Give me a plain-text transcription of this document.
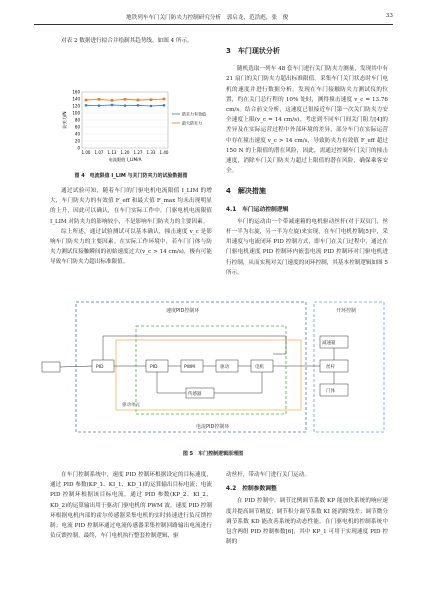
地铁列车车门关门防夹力控制研究分析　郭启龙，范浩彪，张　俊	33

对表 2 数据进行拟合并绘制其趋势线，如图 4 所示。

0
20
40
60
80
100
120
140
160
1.00 1.07 1.13 1.20 1.27 1.33 1.40
电流限值 I_LIM/A
防夹力/N	防夹力有效值
最大防夹力
图 4　电流限值 I_LIM 与关门防夹力的试验数据图

通过试验可知，随着车门的门驱电机电流限值 I_LIM 的增大，车门防夹力的有效值 F_eff 和最大值 F_max 均未出现明显的上升，因此可以确认，在车门实际工作中，门驱电机电流限值 I_LIM 对防夹力的影响较小，不是影响车门防夹力的主要因素。

综上所述，通过试验测试可以基本确认，撞击速度 v_c 是影响车门防夹力的主要因素。在实际工作环境中，若车门门体与防夹力测试仪接触瞬间的初始速度过大(v_c > 14 cm/s)，极有可能导致车门防夹力超出标准限值。

3　车门现状分析

随机选取一列车 48 套车门进行关门防夹力测量，发现其中有 21 扇门的关门防夹力超出标准限值。采集车门关门状态时车门电机的速度并进行数据分析，发现在车门接触防夹力测试仪的位置，约在关门总行程的 10% 处时，测得撞击速度 v_c = 13.76 cm/s。结合前文分析，这速度已很接近车门第一次关门防夹力安全速度上限(v_c = 14 cm/s)，考虑到不同车门间关门阻力[4]的差异及在实际运营过程中外部环境的差异，部分车门在实际运营中存在撞击速度 v_c > 14 cm/s，导致防夹力有效值 F_eff 超过 150 N 的上限值的潜在风险，因此，需通过控制车门关门的撞击速度，消除车门关门防夹力超过上限值的潜在风险，确保乘客安全。

4　解决措施
4.1　车门运动控制逻辑

车门的运动由一个带减速箱的电机驱动丝杆(对于双页门，丝杆一半为右旋，另一半为左旋)来实现，在车门电机控制[5]中，采用速度与电流闭环 PID 控制方式，即车门在关门过程中，通过在门驱电机速度 PID 控制环内嵌套电流 PID 控制环对门驱电机进行控制，从而实现对关门速度的闭环控制，其基本控制逻辑如图 5 所示。

速度PID控制环	开环控制
电流PID控制环
驱动单元
PID	PID	PWM	驱动	电机
减速箱
丝杆
门体
传感器
图 5　车门控制逻辑原理图

在车门控制系统中，速度 PID 控制环根据设定的目标速度，通过 PID 参数(KP_1、KI_1、KD_1)的运算输出目标电流；电流 PID 控制环根据该目标电流，通过 PID 参数(KP_2、KI_2、KD_2)的运算输出用于驱动门驱电机的 PWM 波。速度 PID 控制环根据电机内部的霍尔传感器采集电机的实时转速进行负反馈控制；电流 PID 控制环通过电流传感器采集控制回路输出电流进行负反馈控制。最终，车门电机执行整套控制逻辑，驱

动丝杆，带动车门进行关门运动。

4.2　控制参数调整

在 PID 控制中，调节比例调节系数 KP 能加快系统的响应速度并提高调节精度；调节积分调节系数 KI 能消除残差；调节微分调节系数 KD 能改善系统的动态性能。在门驱电机的控制系统中包含两组 PID 控制参数[6]，其中 KP_1 可用于实现速度 PID 控制的
